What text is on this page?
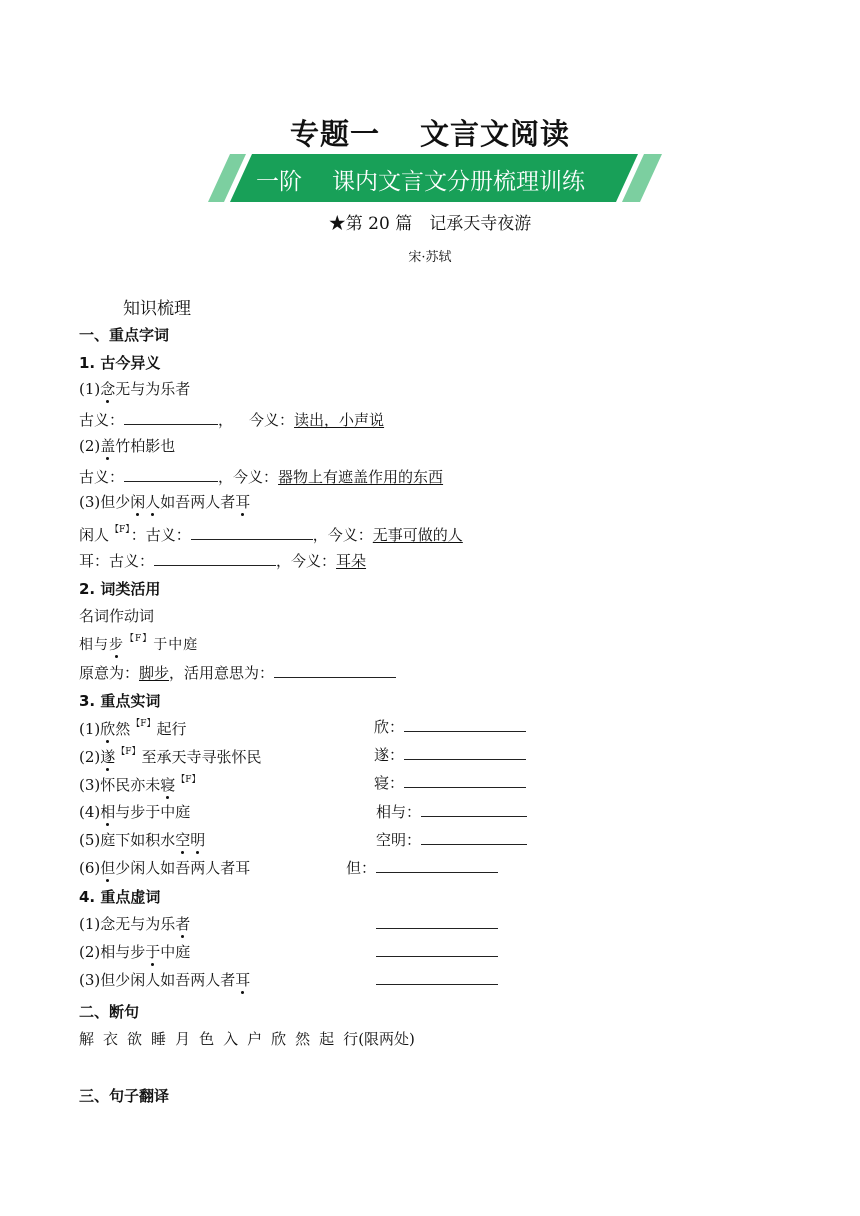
专题一 文言文阅读
一阶 课内文言文分册梳理训练
★第 20 篇　记承天寺夜游
宋·苏轼
知识梳理
一、重点字词
1. 古今异义
(1)念无与为乐者
古义：	， 今义：读出，小声说
(2)盖竹柏影也
古义：	，今义：器物上有遮盖作用的东西
(3)但少闲人如吾两人者耳
闲人$^{【F】}$：古义：	，今义：无事可做的人
耳：古义：	，今义：耳朵
2. 词类活用
名词作动词
相与步$^{【F】}$于中庭
原意为：脚步，活用意思为：
3. 重点实词
(1)欣然$^{【F】}$起行	欣：
(2)遂$^{【F】}$至承天寺寻张怀民	遂：
(3)怀民亦未寝$^{【F】}$	寝：
(4)相与步于中庭	相与：
(5)庭下如积水空明	空明：
(6)但少闲人如吾两人者耳	但：
4. 重点虚词
(1)念无与为乐者
(2)相与步于中庭
(3)但少闲人如吾两人者耳
二、断句
解 衣 欲 睡 月 色 入 户 欣 然 起 行(限两处)
三、句子翻译
